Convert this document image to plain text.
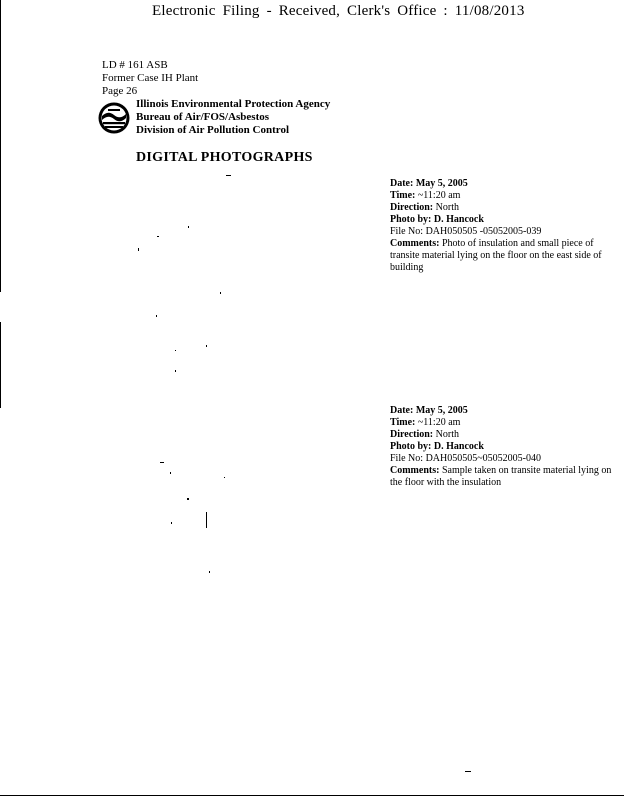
Electronic Filing - Received, Clerk's Office : 11/08/2013
LD # 161 ASB
Former Case IH Plant
Page 26
Illinois Environmental Protection Agency
Bureau of Air/FOS/Asbestos
Division of Air Pollution Control
DIGITAL PHOTOGRAPHS
Date: May 5, 2005
Time: ~11:20 am
Direction: North
Photo by: D. Hancock
File No: DAH050505 -05052005-039
Comments: Photo of insulation and small piece of transite material lying on the floor on the east side of building
Date: May 5, 2005
Time: ~11:20 am
Direction: North
Photo by: D. Hancock
File No: DAH050505~05052005-040
Comments: Sample taken on transite material lying on the floor with the insulation
